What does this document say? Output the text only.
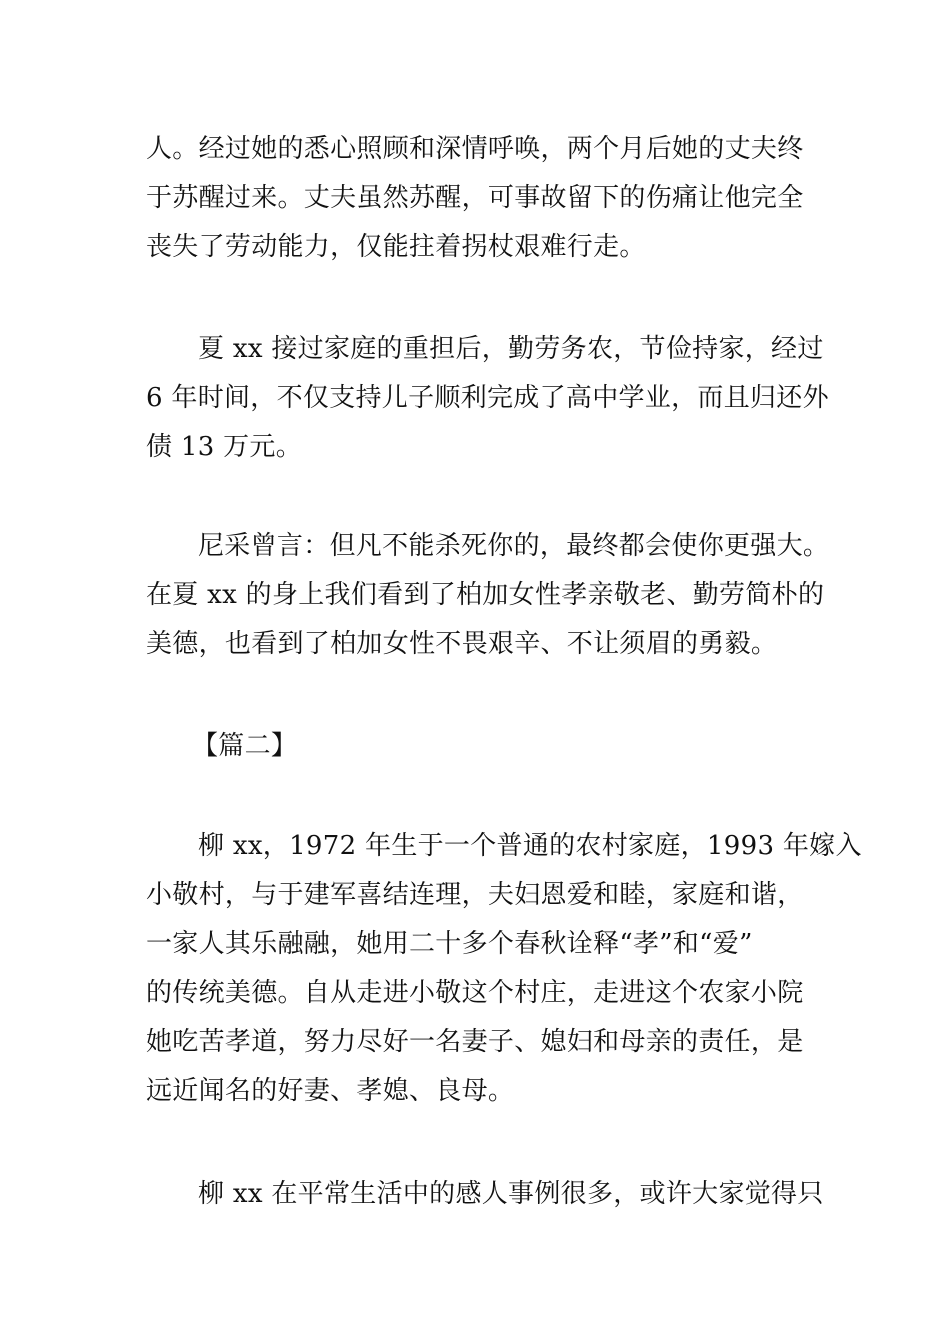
人。经过她的悉心照顾和深情呼唤，两个月后她的丈夫终
于苏醒过来。丈夫虽然苏醒，可事故留下的伤痛让他完全
丧失了劳动能力，仅能拄着拐杖艰难行走。
夏 xx 接过家庭的重担后，勤劳务农，节俭持家，经过
6 年时间，不仅支持儿子顺利完成了高中学业，而且归还外
债 13 万元。
尼采曾言：但凡不能杀死你的，最终都会使你更强大。
在夏 xx 的身上我们看到了柏加女性孝亲敬老、勤劳简朴的
美德，也看到了柏加女性不畏艰辛、不让须眉的勇毅。
【篇二】
柳 xx，1972 年生于一个普通的农村家庭，1993 年嫁入
小敬村，与于建军喜结连理，夫妇恩爱和睦，家庭和谐，
一家人其乐融融，她用二十多个春秋诠释“孝”和“爱”
的传统美德。自从走进小敬这个村庄，走进这个农家小院
她吃苦孝道，努力尽好一名妻子、媳妇和母亲的责任，是
远近闻名的好妻、孝媳、良母。
柳 xx 在平常生活中的感人事例很多，或许大家觉得只
